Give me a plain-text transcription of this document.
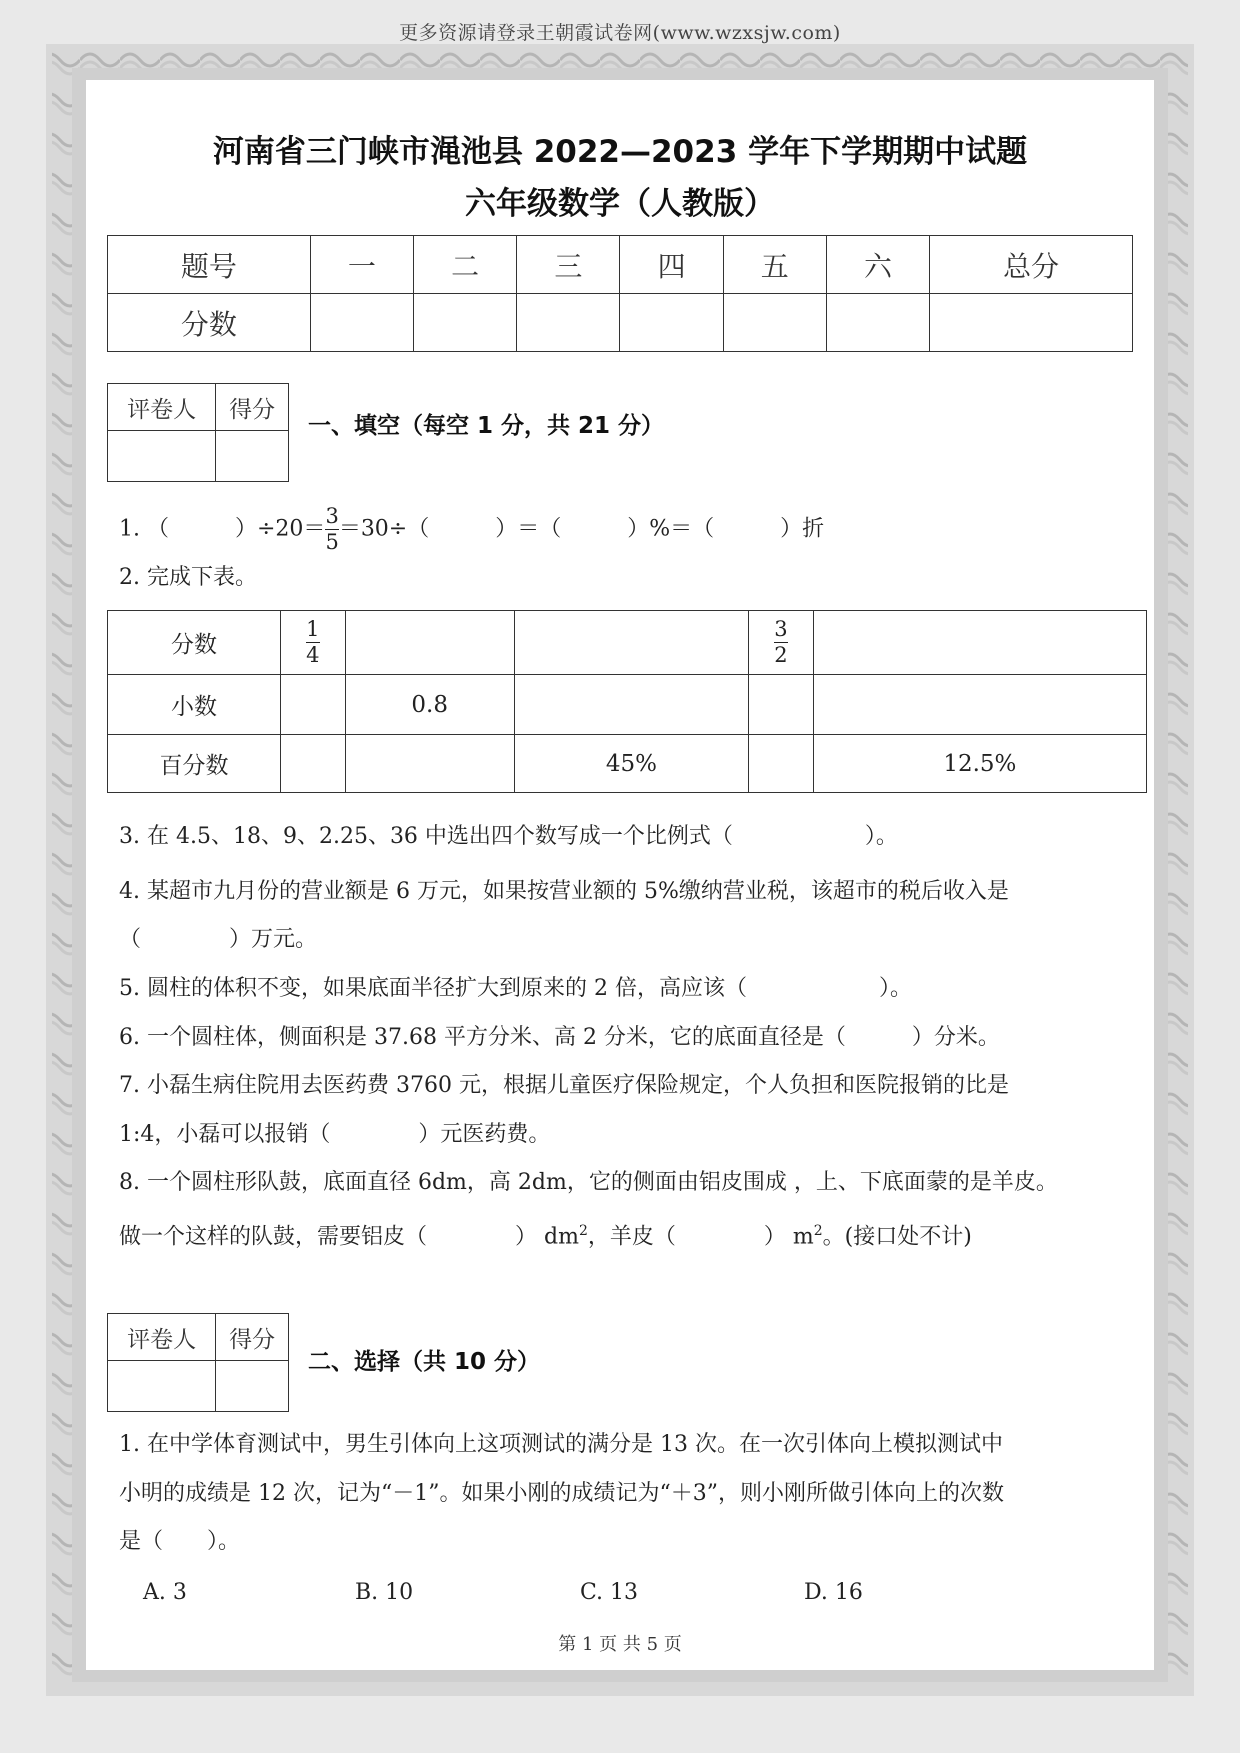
更多资源请登录王朝霞试卷网(www.wzxsjw.com)
河南省三门峡市渑池县 2022—2023 学年下学期期中试题
六年级数学（人教版）
题号	一	二	三	四	五	六	总分
分数							
评卷人	得分

一、填空（每空 1 分，共 21 分）
1. （　　　）$\div 20= \frac{3}{5} =30\div$（　　　）＝（　　　）%＝（　　　）折
2. 完成下表。
分数	$\frac{1}{4}$			$\frac{3}{2}$

小数		0.8			
百分数			45%		12.5%
3. 在 4.5、18、9、2.25、36 中选出四个数写成一个比例式（　　　　　　）。
4. 某超市九月份的营业额是 6 万元，如果按营业额的 5%缴纳营业税，该超市的税后收入是
（　　　　）万元。
5. 圆柱的体积不变，如果底面半径扩大到原来的 2 倍，高应该（　　　　　　）。
6. 一个圆柱体，侧面积是 37.68 平方分米、高 2 分米，它的底面直径是（　　　）分米。
7. 小磊生病住院用去医药费 3760 元，根据儿童医疗保险规定，个人负担和医院报销的比是
1:4，小磊可以报销（　　　　）元医药费。
8. 一个圆柱形队鼓，底面直径 6dm，高 2dm，它的侧面由铝皮围成 ，上、下底面蒙的是羊皮。
做一个这样的队鼓，需要铝皮（　　　　） $dm^2$，羊皮（　　　　） $m^2$。(接口处不计)
评卷人	得分

二、选择（共 10 分）
1. 在中学体育测试中，男生引体向上这项测试的满分是 13 次。在一次引体向上模拟测试中
小明的成绩是 12 次，记为“－1”。如果小刚的成绩记为“＋3”，则小刚所做引体向上的次数
是（　　）。
A. 3	B. 10	C. 13	D. 16
第 1 页 共 5 页
